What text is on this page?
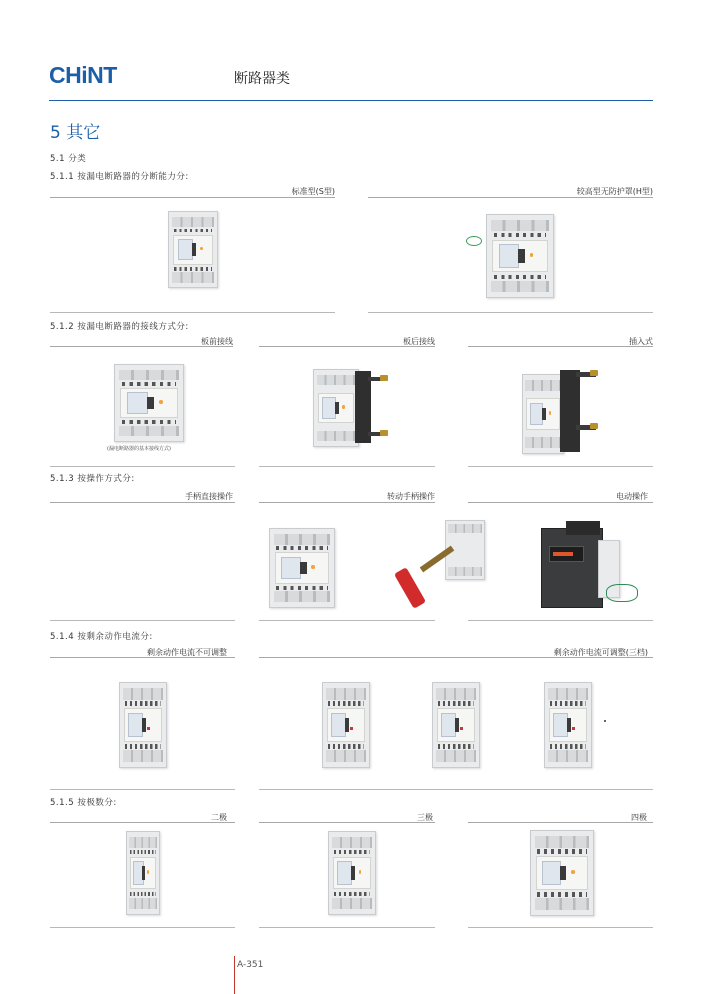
CHiNT	断路器类
5 其它
5.1 分类
5.1.1 按漏电断路器的分断能力分:
标准型(S型)	较高型无防护罩(H型)
5.1.2 按漏电断路器的接线方式分:
板前接线	板后接线	插入式
(漏电断路器的基本接线方式)
5.1.3 按操作方式分:
手柄直接操作	转动手柄操作	电动操作
5.1.4 按剩余动作电流分:
剩余动作电流不可调整	剩余动作电流可调整(三档)
5.1.5 按极数分:
二极	三极	四极
A-351
